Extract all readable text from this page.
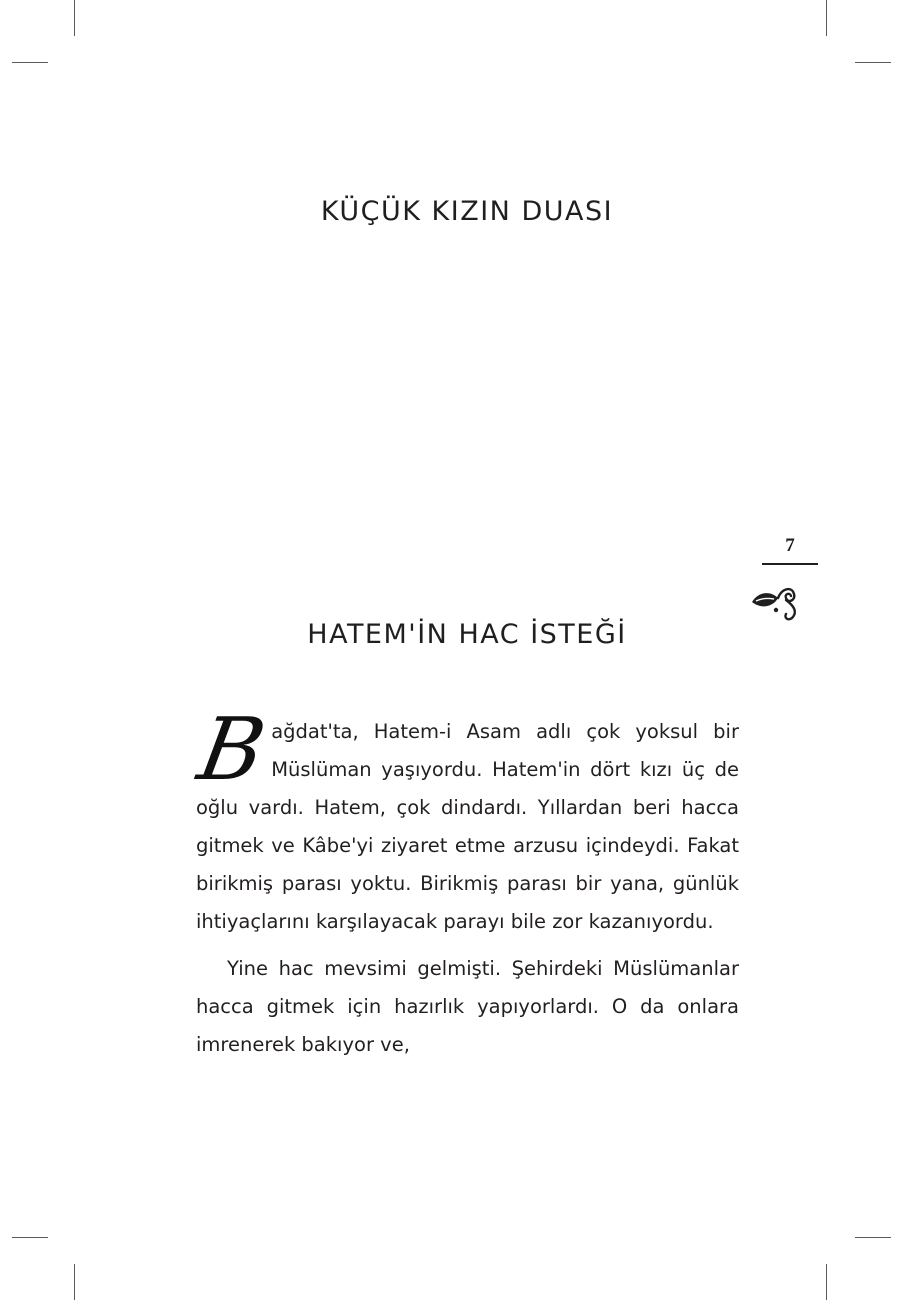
KÜÇÜK KIZIN DUASI
7
HATEM'İN HAC İSTEĞİ

Bağdat'ta, Hatem-i Asam adlı çok yoksul bir Müslüman yaşıyordu. Hatem'in dört kızı üç de oğlu vardı. Hatem, çok dindardı. Yıllardan beri hacca gitmek ve Kâbe'yi ziyaret etme arzusu içindeydi. Fakat birikmiş parası yoktu. Birikmiş parası bir yana, günlük ihtiyaçlarını karşılayacak parayı bile zor kazanıyordu.

Yine hac mevsimi gelmişti. Şehirdeki Müslümanlar hacca gitmek için hazırlık yapıyorlardı. O da onlara imrenerek bakıyor ve,
